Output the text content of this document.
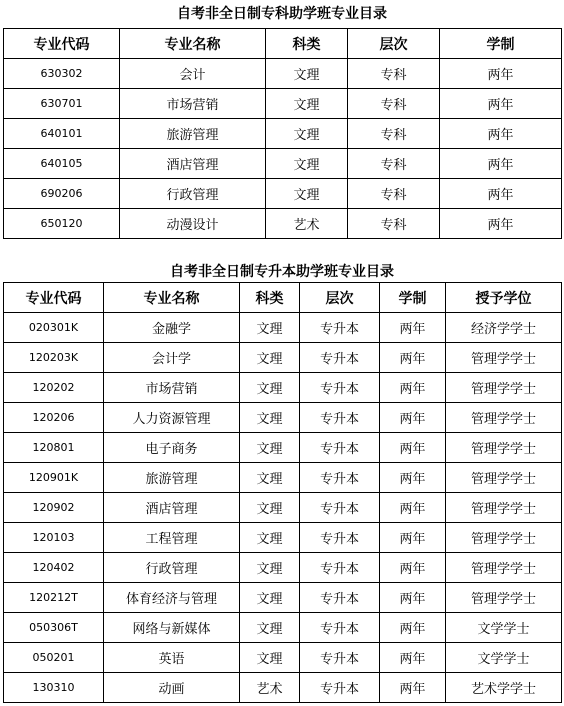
自考非全日制专科助学班专业目录
专业代码	专业名称	科类	层次	学制
630302	会计	文理	专科	两年
630701	市场营销	文理	专科	两年
640101	旅游管理	文理	专科	两年
640105	酒店管理	文理	专科	两年
690206	行政管理	文理	专科	两年
650120	动漫设计	艺术	专科	两年
自考非全日制专升本助学班专业目录
专业代码	专业名称	科类	层次	学制	授予学位
020301K	金融学	文理	专升本	两年	经济学学士
120203K	会计学	文理	专升本	两年	管理学学士
120202	市场营销	文理	专升本	两年	管理学学士
120206	人力资源管理	文理	专升本	两年	管理学学士
120801	电子商务	文理	专升本	两年	管理学学士
120901K	旅游管理	文理	专升本	两年	管理学学士
120902	酒店管理	文理	专升本	两年	管理学学士
120103	工程管理	文理	专升本	两年	管理学学士
120402	行政管理	文理	专升本	两年	管理学学士
120212T	体育经济与管理	文理	专升本	两年	管理学学士
050306T	网络与新媒体	文理	专升本	两年	文学学士
050201	英语	文理	专升本	两年	文学学士
130310	动画	艺术	专升本	两年	艺术学学士
